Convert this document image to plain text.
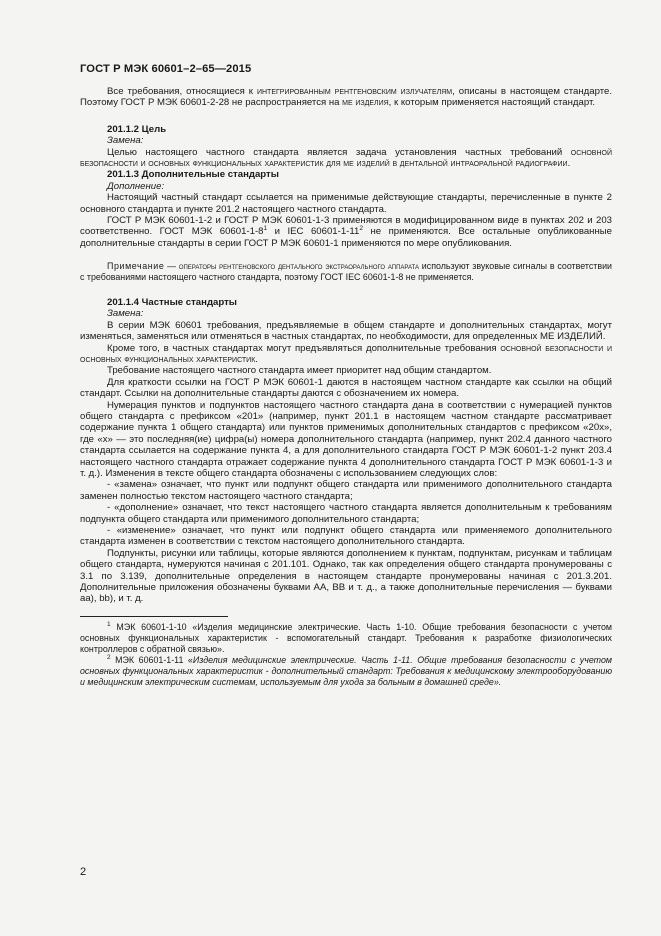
ГОСТ Р МЭК 60601–2–65—2015

Все требования, относящиеся к интегрированным рентгеновским излучателям, описаны в настоящем стандарте. Поэтому ГОСТ Р МЭК 60601-2-28 не распространяется на ме изделия, к которым применяется настоящий стандарт.

201.1.2 Цель
Замена:

Целью настоящего частного стандарта является задача установления частных требований основной безопасности и основных функциональных характеристик для ме изделий в дентальной интраоральной радиографии.

201.1.3 Дополнительные стандарты
Дополнение:

Настоящий частный стандарт ссылается на применимые действующие стандарты, перечисленные в пункте 2 основного стандарта и пункте 201.2 настоящего частного стандарта.

ГОСТ Р МЭК 60601-1-2 и ГОСТ Р МЭК 60601-1-3 применяются в модифицированном виде в пунктах 202 и 203 соответственно. ГОСТ МЭК $60601-1-8^1$ и IEC $60601-1-11^2$ не применяются. Все остальные опубликованные дополнительные стандарты в серии ГОСТ Р МЭК 60601-1 применяются по мере опубликования.

Примечание — операторы рентгеновского дентального экстраорального аппарата используют звуковые сигналы в соответствии с требованиями настоящего частного стандарта, поэтому ГОСТ IEC 60601-1-8 не применяется.

201.1.4 Частные стандарты
Замена:

В серии МЭК 60601 требования, предъявляемые в общем стандарте и дополнительных стандартах, могут изменяться, заменяться или отменяться в частных стандартах, по необходимости, для определенных МЕ ИЗДЕЛИЙ.

Кроме того, в частных стандартах могут предъявляться дополнительные требования основной безопасности и основных функциональных характеристик.

Требование настоящего частного стандарта имеет приоритет над общим стандартом.

Для краткости ссылки на ГОСТ Р МЭК 60601-1 даются в настоящем частном стандарте как ссылки на общий стандарт. Ссылки на дополнительные стандарты даются с обозначением их номера.

Нумерация пунктов и подпунктов настоящего частного стандарта дана в соответствии с нумерацией пунктов общего стандарта с префиксом «201» (например, пункт 201.1 в настоящем частном стандарте рассматривает содержание пункта 1 общего стандарта) или пунктов применимых дополнительных стандартов с префиксом «20x», где «x» — это последняя(ие) цифра(ы) номера дополнительного стандарта (например, пункт 202.4 данного частного стандарта ссылается на содержание пункта 4, а для дополнительного стандарта ГОСТ Р МЭК 60601-1-2 пункт 203.4 настоящего частного стандарта отражает содержание пункта 4 дополнительного стандарта ГОСТ Р МЭК 60601-1-3 и т. д.). Изменения в тексте общего стандарта обозначены с использованием следующих слов:

- «замена» означает, что пункт или подпункт общего стандарта или применимого дополнительного стандарта заменен полностью текстом настоящего частного стандарта;

- «дополнение» означает, что текст настоящего частного стандарта является дополнительным к требованиям подпункта общего стандарта или применимого дополнительного стандарта;

- «изменение» означает, что пункт или подпункт общего стандарта или применяемого дополнительного стандарта изменен в соответствии с текстом настоящего дополнительного стандарта.

Подпункты, рисунки или таблицы, которые являются дополнением к пунктам, подпунктам, рисункам и таблицам общего стандарта, нумеруются начиная с 201.101. Однако, так как определения общего стандарта пронумерованы с 3.1 по 3.139, дополнительные определения в настоящем стандарте пронумерованы начиная с 201.3.201. Дополнительные приложения обозначены буквами AA, BB и т. д., а также дополнительные перечисления — буквами aa), bb), и т. д.

$^1$ МЭК 60601-1-10 «Изделия медицинские электрические. Часть 1-10. Общие требования безопасности с учетом основных функциональных характеристик - вспомогательный стандарт. Требования к разработке физиологических контроллеров с обратной связью».

$^2$ МЭК 60601-1-11 «Изделия медицинские электрические. Часть 1-11. Общие требования безопасности с учетом основных функциональных характеристик - дополнительный стандарт: Требования к медицинскому электрооборудованию и медицинским электрическим системам, используемым для ухода за больным в домашней среде».

2
